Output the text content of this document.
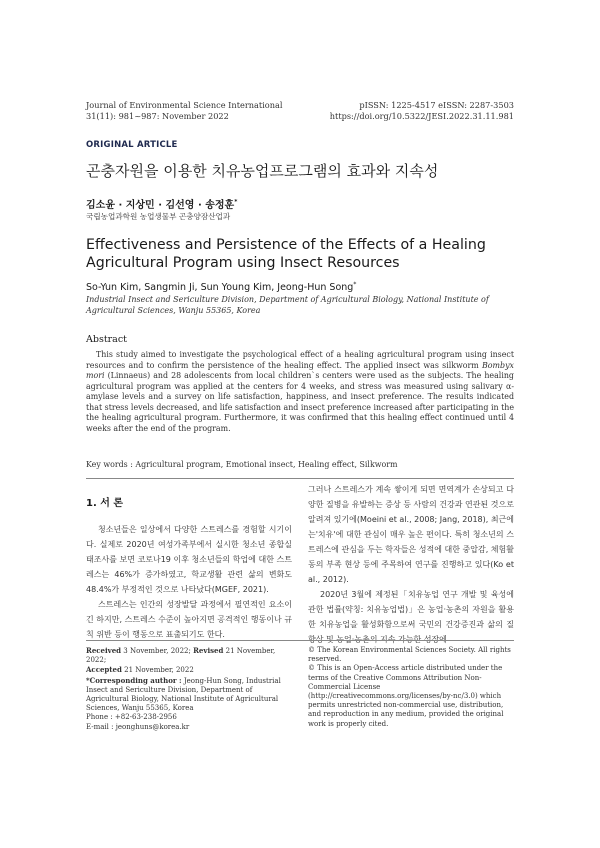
Journal of Environmental Science International
31(11): 981~987: November 2022
pISSN: 1225-4517 eISSN: 2287-3503
https://doi.org/10.5322/JESI.2022.31.11.981
ORIGINAL ARTICLE
곤충자원을 이용한 치유농업프로그램의 효과와 지속성
김소윤 · 지상민 · 김선영 · 송정훈*
국립농업과학원 농업생물부 곤충양잠산업과
Effectiveness and Persistence of the Effects of a Healing Agricultural Program using Insect Resources
So-Yun Kim, Sangmin Ji, Sun Young Kim, Jeong-Hun Song*
Industrial Insect and Sericulture Division, Department of Agricultural Biology, National Institute of Agricultural Sciences, Wanju 55365, Korea
Abstract
This study aimed to investigate the psychological effect of a healing agricultural program using insect resources and to confirm the persistence of the healing effect. The applied insect was silkworm Bombyx mori (Linnaeus) and 28 adolescents from local children`s centers were used as the subjects. The healing agricultural program was applied at the centers for 4 weeks, and stress was measured using salivary α-amylase levels and a survey on life satisfaction, happiness, and insect preference. The results indicated that stress levels decreased, and life satisfaction and insect preference increased after participating in the the healing agricultural program. Furthermore, it was confirmed that this healing effect continued until 4 weeks after the end of the program.
Key words : Agricultural program, Emotional insect, Healing effect, Silkworm
1. 서 론

청소년들은 일상에서 다양한 스트레스를 경험할 시기이다. 실제로 2020년 여성가족부에서 실시한 청소년 종합실태조사를 보면 코로나19 이후 청소년들의 학업에 대한 스트레스는 46%가 증가하였고, 학교생활 관련 삶의 변화도 48.4%가 부정적인 것으로 나타났다(MGEF, 2021).

스트레스는 인간의 성장발달 과정에서 필연적인 요소이긴 하지만, 스트레스 수준이 높아지면 공격적인 행동이나 규칙 위반 등이 행동으로 표출되기도 한다.

그러나 스트레스가 계속 쌓이게 되면 면역계가 손상되고 다양한 질병을 유발하는 증상 등 사람의 건강과 연관된 것으로 알려져 있기에(Moeini et al., 2008; Jang, 2018), 최근에는'치유'에 대한 관심이 매우 높은 편이다. 특히 청소년의 스트레스에 관심을 두는 학자들은 성적에 대한 중압감, 체험활동의 부족 현상 등에 주목하여 연구를 진행하고 있다(Ko et al., 2012).

2020년 3월에 제정된「치유농업 연구 개발 및 육성에 관한 법률(약칭: 치유농업법)」은 농업·농촌의 자원을 활용한 치유농업을 활성화함으로써 국민의 건강증진과 삶의 질 향상 및 농업·농촌의 지속 가능한 성장에

Received 3 November, 2022; Revised 21 November, 2022;
Accepted 21 November, 2022
*Corresponding author : Jeong-Hun Song, Industrial Insect and Sericulture Division, Department of Agricultural Biology, National Institute of Agricultural Sciences, Wanju 55365, Korea
Phone : +82-63-238-2956
E-mail : jeonghuns@korea.kr
© The Korean Environmental Sciences Society. All rights reserved.
© This is an Open-Access article distributed under the terms of the Creative Commons Attribution Non-Commercial License (http://creativecommons.org/licenses/by-nc/3.0) which permits unrestricted non-commercial use, distribution, and reproduction in any medium, provided the original work is properly cited.
